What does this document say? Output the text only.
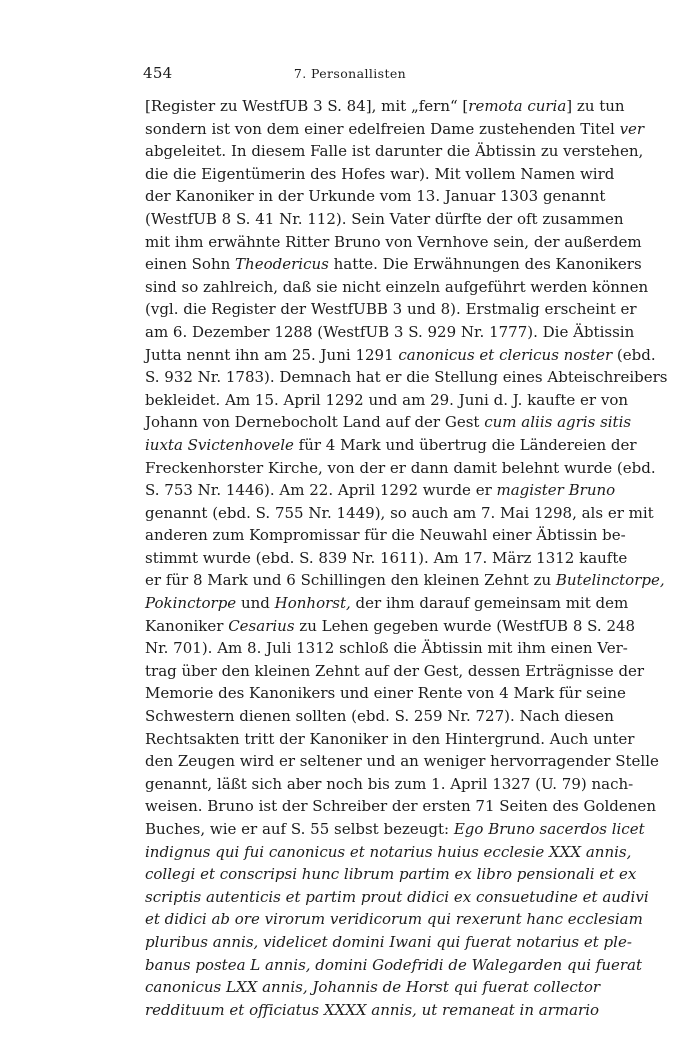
454	7. Personallisten
[Register zu WestfUB 3 S. 84], mit „fern“ [remota curia] zu tun
sondern ist von dem einer edelfreien Dame zustehenden Titel ver
abgeleitet. In diesem Falle ist darunter die Äbtissin zu verstehen,
die die Eigentümerin des Hofes war). Mit vollem Namen wird
der Kanoniker in der Urkunde vom 13. Januar 1303 genannt
(WestfUB 8 S. 41 Nr. 112). Sein Vater dürfte der oft zusammen
mit ihm erwähnte Ritter Bruno von Vernhove sein, der außerdem
einen Sohn Theodericus hatte. Die Erwähnungen des Kanonikers
sind so zahlreich, daß sie nicht einzeln aufgeführt werden können
(vgl. die Register der WestfUBB 3 und 8). Erstmalig erscheint er
am 6. Dezember 1288 (WestfUB 3 S. 929 Nr. 1777). Die Äbtissin
Jutta nennt ihn am 25. Juni 1291 canonicus et clericus noster (ebd.
S. 932 Nr. 1783). Demnach hat er die Stellung eines Abteischreibers
bekleidet. Am 15. April 1292 und am 29. Juni d. J. kaufte er von
Johann von Dernebocholt Land auf der Gest cum aliis agris sitis
iuxta Svictenhovele für 4 Mark und übertrug die Ländereien der
Freckenhorster Kirche, von der er dann damit belehnt wurde (ebd.
S. 753 Nr. 1446). Am 22. April 1292 wurde er magister Bruno
genannt (ebd. S. 755 Nr. 1449), so auch am 7. Mai 1298, als er mit
anderen zum Kompromissar für die Neuwahl einer Äbtissin be-
stimmt wurde (ebd. S. 839 Nr. 1611). Am 17. März 1312 kaufte
er für 8 Mark und 6 Schillingen den kleinen Zehnt zu Butelinctorpe,
Pokinctorpe und Honhorst, der ihm darauf gemeinsam mit dem
Kanoniker Cesarius zu Lehen gegeben wurde (WestfUB 8 S. 248
Nr. 701). Am 8. Juli 1312 schloß die Äbtissin mit ihm einen Ver-
trag über den kleinen Zehnt auf der Gest, dessen Erträgnisse der
Memorie des Kanonikers und einer Rente von 4 Mark für seine
Schwestern dienen sollten (ebd. S. 259 Nr. 727). Nach diesen
Rechtsakten tritt der Kanoniker in den Hintergrund. Auch unter
den Zeugen wird er seltener und an weniger hervorragender Stelle
genannt, läßt sich aber noch bis zum 1. April 1327 (U. 79) nach-
weisen. Bruno ist der Schreiber der ersten 71 Seiten des Goldenen
Buches, wie er auf S. 55 selbst bezeugt: Ego Bruno sacerdos licet
indignus qui fui canonicus et notarius huius ecclesie XXX annis,
collegi et conscripsi hunc librum partim ex libro pensionali et ex
scriptis autenticis et partim prout didici ex consuetudine et audivi
et didici ab ore virorum veridicorum qui rexerunt hanc ecclesiam
pluribus annis, videlicet domini Iwani qui fuerat notarius et ple-
banus postea L annis, domini Godefridi de Walegarden qui fuerat
canonicus LXX annis, Johannis de Horst qui fuerat collector
reddituum et officiatus XXXX annis, ut remaneat in armario
